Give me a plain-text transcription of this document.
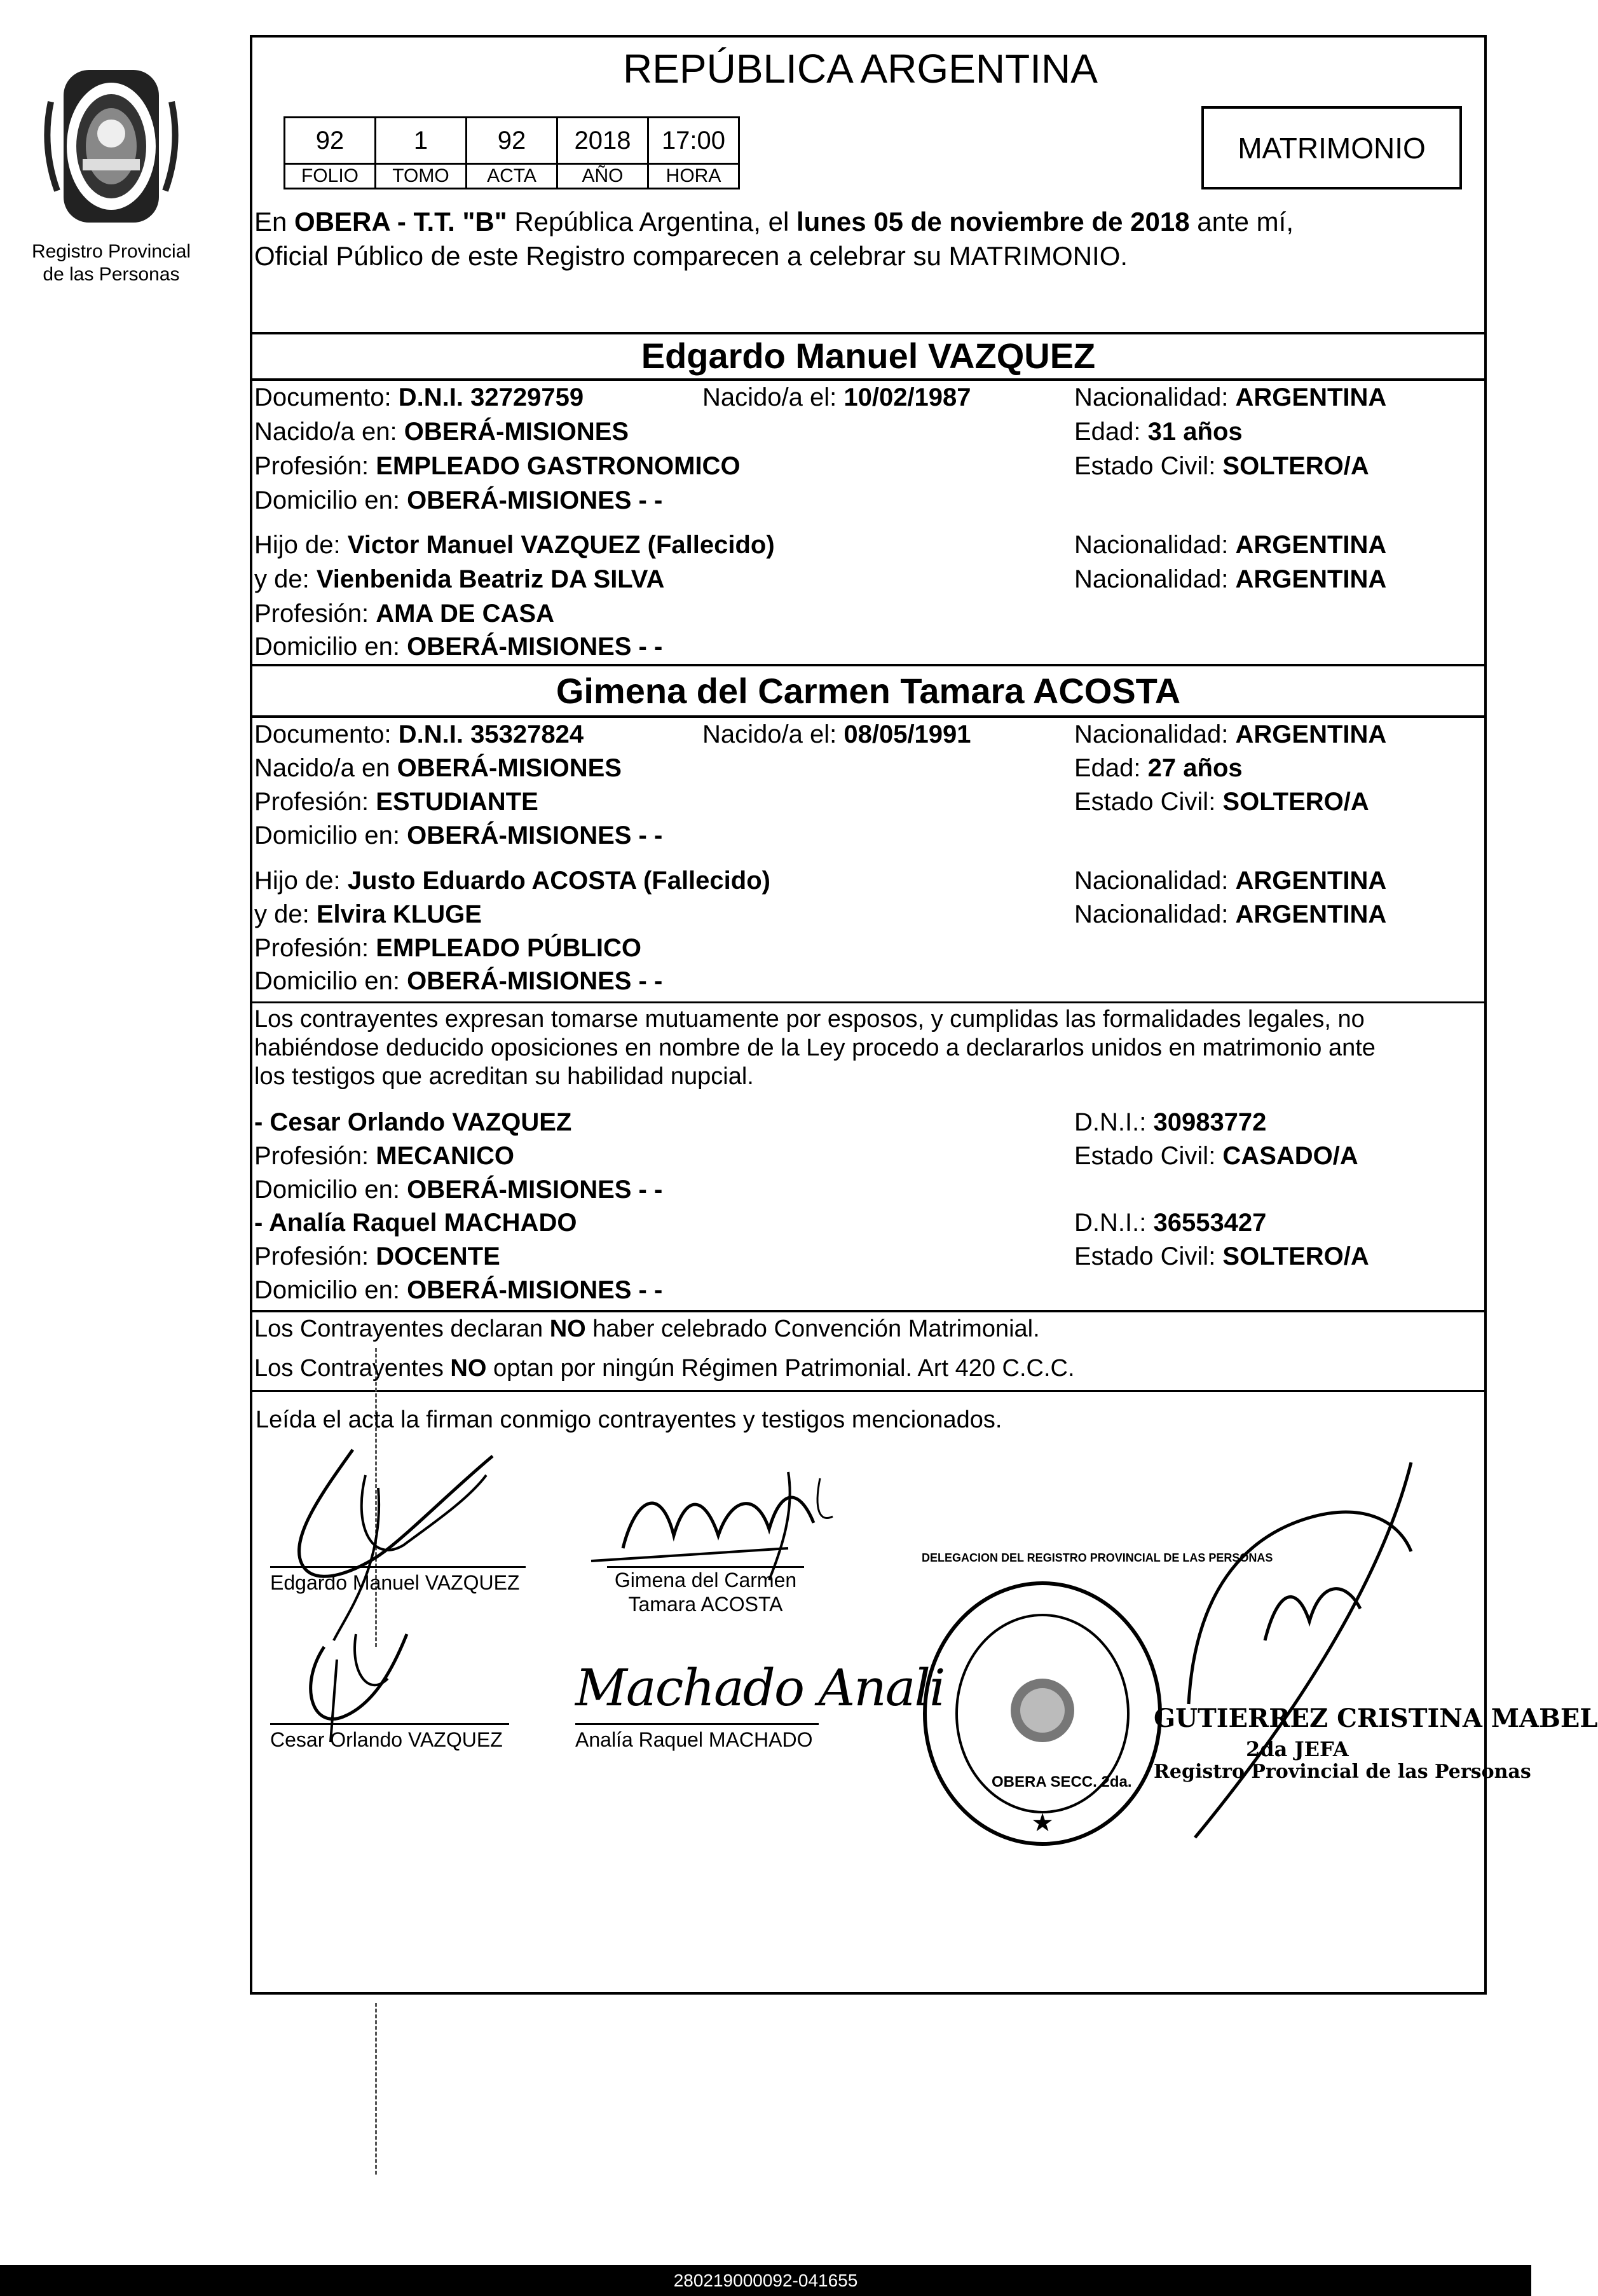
Registro Provincial
de las Personas
REPÚBLICA ARGENTINA
92	1	92	2018	17:00
FOLIO	TOMO	ACTA	AÑO	HORA
MATRIMONIO
En OBERA - T.T. "B" República Argentina, el lunes 05 de noviembre de 2018 ante mí,
Oficial Público de este Registro comparecen a celebrar su MATRIMONIO.
Edgardo Manuel VAZQUEZ
Documento: D.N.I. 32729759	Nacido/a el: 10/02/1987	Nacionalidad: ARGENTINA
Nacido/a en: OBERÁ-MISIONES	Edad: 31 años
Profesión: EMPLEADO GASTRONOMICO	Estado Civil: SOLTERO/A
Domicilio en: OBERÁ-MISIONES - -
Hijo de: Victor Manuel VAZQUEZ (Fallecido)	Nacionalidad: ARGENTINA
y de: Vienbenida Beatriz DA SILVA	Nacionalidad: ARGENTINA
Profesión: AMA DE CASA
Domicilio en: OBERÁ-MISIONES - -
Gimena del Carmen Tamara ACOSTA
Documento: D.N.I. 35327824	Nacido/a el: 08/05/1991	Nacionalidad: ARGENTINA
Nacido/a en OBERÁ-MISIONES	Edad: 27 años
Profesión: ESTUDIANTE	Estado Civil: SOLTERO/A
Domicilio en: OBERÁ-MISIONES - -
Hijo de: Justo Eduardo ACOSTA (Fallecido)	Nacionalidad: ARGENTINA
y de: Elvira KLUGE	Nacionalidad: ARGENTINA
Profesión: EMPLEADO PÚBLICO
Domicilio en: OBERÁ-MISIONES - -
Los contrayentes expresan tomarse mutuamente por esposos, y cumplidas las formalidades legales, no
habiéndose deducido oposiciones en nombre de la Ley procedo a declararlos unidos en matrimonio ante
los testigos que acreditan su habilidad nupcial.
- Cesar Orlando VAZQUEZ	D.N.I.: 30983772
Profesión: MECANICO	Estado Civil: CASADO/A
Domicilio en: OBERÁ-MISIONES - -
- Analía Raquel MACHADO	D.N.I.: 36553427
Profesión: DOCENTE	Estado Civil: SOLTERO/A
Domicilio en: OBERÁ-MISIONES - -
Los Contrayentes declaran NO haber celebrado Convención Matrimonial.
Los Contrayentes NO optan por ningún Régimen Patrimonial. Art 420 C.C.C.
Leída el acta la firman conmigo contrayentes y testigos mencionados.
Edgardo Manuel VAZQUEZ	Gimena del Carmen
Tamara ACOSTA
Cesar Orlando VAZQUEZ
Machado Anali
Analía Raquel MACHADO
★
DELEGACION DEL REGISTRO PROVINCIAL DE LAS PERSONAS
OBERA SECC. 2da.
GUTIERREZ CRISTINA MABEL
2da JEFA
Registro Provincial de las Personas
280219000092-041655
